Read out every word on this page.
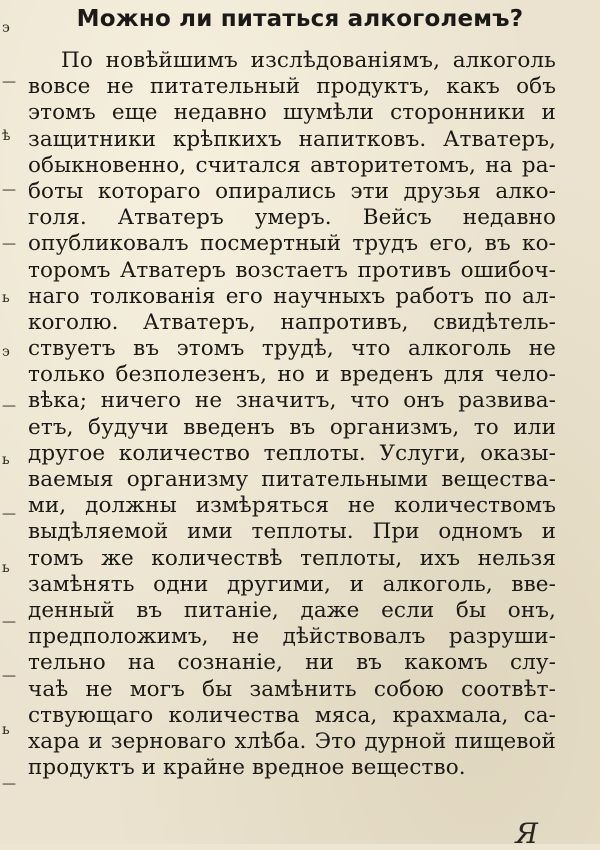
э
—
ѣ
—
—
ь
э
—
ь
—
ь
—
—
ь
—
Можно ли питаться алкоголемъ?
По новѣйшимъ изслѣдованiямъ, алкоголь
вовсе не питательный продуктъ, какъ объ
этомъ еще недавно шумѣли сторонники и
защитники крѣпкихъ напитковъ. Атватеръ,
обыкновенно, считался авторитетомъ, на ра-
боты котораго опирались эти друзья алко-
голя. Атватеръ умеръ. Вейсъ недавно
опубликовалъ посмертный трудъ его, въ ко-
торомъ Атватеръ возстаетъ противъ ошибоч-
наго толкованiя его научныхъ работъ по ал-
коголю. Атватеръ, напротивъ, свидѣтель-
ствуетъ въ этомъ трудѣ, что алкоголь не
только безполезенъ, но и вреденъ для чело-
вѣка; ничего не значитъ, что онъ развива-
етъ, будучи введенъ въ организмъ, то или
другое количество теплоты. Услуги, оказы-
ваемыя организму питательными вещества-
ми, должны измѣряться не количествомъ
выдѣляемой ими теплоты. При одномъ и
томъ же количествѣ теплоты, ихъ нельзя
замѣнять одни другими, и алкоголь, вве-
денный въ питанiе, даже если бы онъ,
предположимъ, не дѣйствовалъ разруши-
тельно на сознанiе, ни въ какомъ слу-
чаѣ не могъ бы замѣнить собою соотвѣт-
ствующаго количества мяса, крахмала, са-
хара и зерноваго хлѣба. Это дурной пищевой
продуктъ и крайне вредное вещество.
Я
